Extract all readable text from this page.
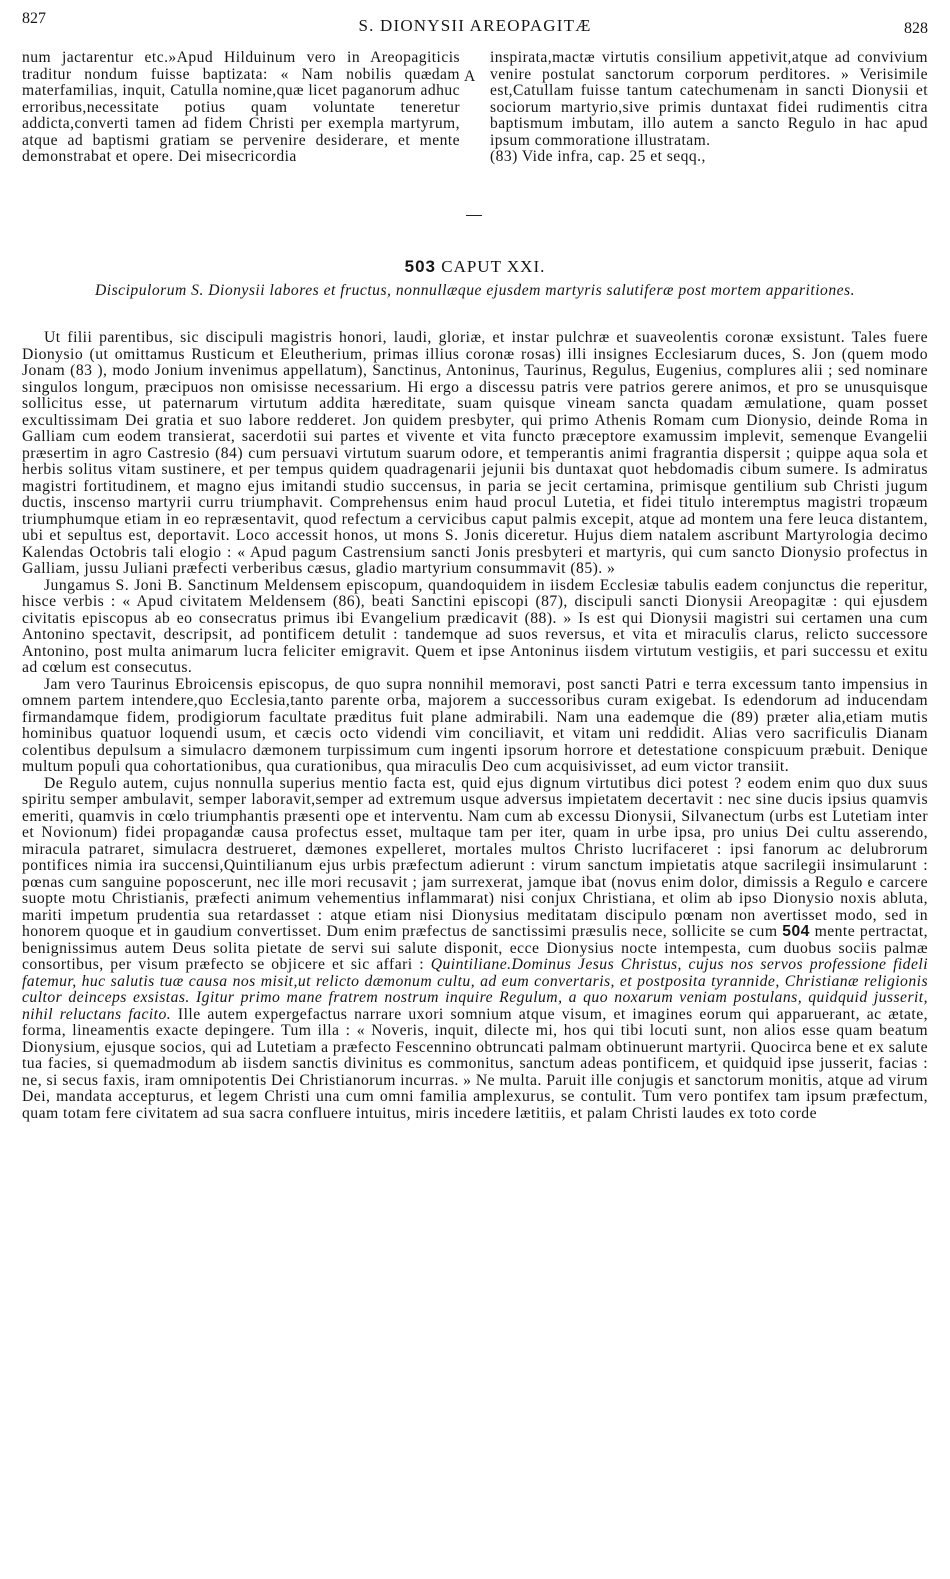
827	S. DIONYSII AREOPAGITÆ	828
num jactarentur etc.»Apud Hilduinum vero in Areopagiticis traditur nondum fuisse baptizata: « Nam nobilis quædam materfamilias, inquit, Catulla nomine,quæ licet paganorum adhuc erroribus,necessitate potius quam voluntate teneretur addicta,converti tamen ad fidem Christi per exempla martyrum, atque ad baptismi gratiam se pervenire desiderare, et mente demonstrabat et opere. Dei misecricordia
A
inspirata,mactæ virtutis consilium appetivit,atque ad convivium venire postulat sanctorum corporum perditores. » Verisimile est,Catullam fuisse tantum catechumenam in sancti Dionysii et sociorum martyrio,sive primis duntaxat fidei rudimentis citra baptismum imbutam, illo autem a sancto Regulo in hac apud ipsum commoratione illustratam.
(83) Vide infra, cap. 25 et seqq.,
503 CAPUT XXI.
Discipulorum S. Dionysii labores et fructus, nonnullæque ejusdem martyris salutiferæ post mortem apparitiones.

Ut filii parentibus, sic discipuli magistris honori, laudi, gloriæ, et instar pulchræ et suaveolentis coronæ exsistunt. Tales fuere Dionysio (ut omittamus Rusticum et Eleutherium, primas illius coronæ rosas) illi insignes Ecclesiarum duces, S. Jon (quem modo Jonam (83 ), modo Jonium invenimus appellatum), Sanctinus, Antoninus, Taurinus, Regulus, Eugenius, complures alii ; sed nominare singulos longum, præcipuos non omisisse necessarium. Hi ergo a discessu patris vere patrios gerere animos, et pro se unusquisque sollicitus esse, ut paternarum virtutum addita hæreditate, suam quisque vineam sancta quadam æmulatione, quam posset excultissimam Dei gratia et suo labore redderet. Jon quidem presbyter, qui primo Athenis Romam cum Dionysio, deinde Roma in Galliam cum eodem transierat, sacerdotii sui partes et vivente et vita functo præceptore examussim implevit, semenque Evangelii præsertim in agro Castresio (84) cum persuavi virtutum suarum odore, et temperantis animi fragrantia dispersit ; quippe aqua sola et herbis solitus vitam sustinere, et per tempus quidem quadragenarii jejunii bis duntaxat quot hebdomadis cibum sumere. Is admiratus magistri fortitudinem, et magno ejus imitandi studio succensus, in paria se jecit certamina, primisque gentilium sub Christi jugum ductis, inscenso martyrii curru triumphavit. Comprehensus enim haud procul Lutetia, et fidei titulo interemptus magistri tropæum triumphumque etiam in eo repræsentavit, quod refectum a cervicibus caput palmis excepit, atque ad montem una fere leuca distantem, ubi et sepultus est, deportavit. Loco accessit honos, ut mons S. Jonis diceretur. Hujus diem natalem ascribunt Martyrologia decimo Kalendas Octobris tali elogio : « Apud pagum Castrensium sancti Jonis presbyteri et martyris, qui cum sancto Dionysio profectus in Galliam, jussu Juliani præfecti verberibus cæsus, gladio martyrium consummavit (85). »

Jungamus S. Joni B. Sanctinum Meldensem episcopum, quandoquidem in iisdem Ecclesiæ tabulis eadem conjunctus die reperitur, hisce verbis : « Apud civitatem Meldensem (86), beati Sanctini episcopi (87), discipuli sancti Dionysii Areopagitæ : qui ejusdem civitatis episcopus ab eo consecratus primus ibi Evangelium prædicavit (88). » Is est qui Dionysii magistri sui certamen una cum Antonino spectavit, descripsit, ad pontificem detulit : tandemque ad suos reversus, et vita et miraculis clarus, relicto successore Antonino, post multa animarum lucra feliciter emigravit. Quem et ipse Antoninus iisdem virtutum vestigiis, et pari successu et exitu ad cœlum est consecutus.

Jam vero Taurinus Ebroicensis episcopus, de quo supra nonnihil memoravi, post sancti Patri e terra excessum tanto impensius in omnem partem intendere,quo Ecclesia,tanto parente orba, majorem a successoribus curam exigebat. Is edendorum ad inducendam firmandamque fidem, prodigiorum facultate præditus fuit plane admirabili. Nam una eademque die (89) præter alia,etiam mutis hominibus quatuor loquendi usum, et cæcis octo videndi vim conciliavit, et vitam uni reddidit. Alias vero sacrificulis Dianam colentibus depulsum a simulacro dæmonem turpissimum cum ingenti ipsorum horrore et detestatione conspicuum præbuit. Denique multum populi qua cohortationibus, qua curationibus, qua miraculis Deo cum acquisivisset, ad eum victor transiit.

De Regulo autem, cujus nonnulla superius mentio facta est, quid ejus dignum virtutibus dici potest ? eodem enim quo dux suus spiritu semper ambulavit, semper laboravit,semper ad extremum usque adversus impietatem decertavit : nec sine ducis ipsius quamvis emeriti, quamvis in cœlo triumphantis præsenti ope et interventu. Nam cum ab excessu Dionysii, Silvanectum (urbs est Lutetiam inter et Novionum) fidei propagandæ causa profectus esset, multaque tam per iter, quam in urbe ipsa, pro unius Dei cultu asserendo, miracula patraret, simulacra destrueret, dæmones expelleret, mortales multos Christo lucrifaceret : ipsi fanorum ac delubrorum pontifices nimia ira succensi,Quintilianum ejus urbis præfectum adierunt : virum sanctum impietatis atque sacrilegii insimularunt : pœnas cum sanguine poposcerunt, nec ille mori recusavit ; jam surrexerat, jamque ibat (novus enim dolor, dimissis a Regulo e carcere suopte motu Christianis, præfecti animum vehementius inflammarat) nisi conjux Christiana, et olim ab ipso Dionysio noxis abluta, mariti impetum prudentia sua retardasset : atque etiam nisi Dionysius meditatam discipulo pœnam non avertisset modo, sed in honorem quoque et in gaudium convertisset. Dum enim præfectus de sanctissimi præsulis nece, sollicite se cum 504 mente pertractat, benignissimus autem Deus solita pietate de servi sui salute disponit, ecce Dionysius nocte intempesta, cum duobus sociis palmæ consortibus, per visum præfecto se objicere et sic affari : Quintiliane.Dominus Jesus Christus, cujus nos servos professione fideli fatemur, huc salutis tuæ causa nos misit,ut relicto dæmonum cultu, ad eum convertaris, et postposita tyrannide, Christianæ religionis cultor deinceps exsistas. Igitur primo mane fratrem nostrum inquire Regulum, a quo noxarum veniam postulans, quidquid jusserit, nihil reluctans facito. Ille autem expergefactus narrare uxori somnium atque visum, et imagines eorum qui apparuerant, ac ætate, forma, lineamentis exacte depingere. Tum illa : « Noveris, inquit, dilecte mi, hos qui tibi locuti sunt, non alios esse quam beatum Dionysium, ejusque socios, qui ad Lutetiam a præfecto Fescennino obtruncati palmam obtinuerunt martyrii. Quocirca bene et ex salute tua facies, si quemadmodum ab iisdem sanctis divinitus es commonitus, sanctum adeas pontificem, et quidquid ipse jusserit, facias : ne, si secus faxis, iram omnipotentis Dei Christianorum incurras. » Ne multa. Paruit ille conjugis et sanctorum monitis, atque ad virum Dei, mandata accepturus, et legem Christi una cum omni familia amplexurus, se contulit. Tum vero pontifex tam ipsum præfectum, quam totam fere civitatem ad sua sacra confluere intuitus, miris incedere lætitiis, et palam Christi laudes ex toto corde
